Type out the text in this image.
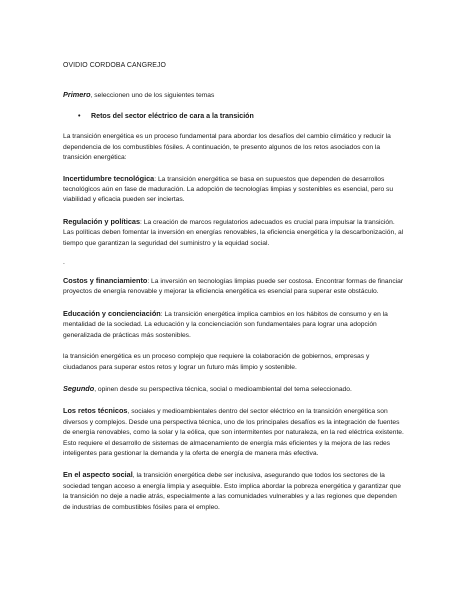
OVIDIO CORDOBA CANGREJO

Primero, seleccionen uno de los siguientes temas

• Retos del sector eléctrico de cara a la transición

La transición energética es un proceso fundamental para abordar los desafíos del cambio climático y reducir la dependencia de los combustibles fósiles. A continuación, te presento algunos de los retos asociados con la transición energética:

Incertidumbre tecnológica: La transición energética se basa en supuestos que dependen de desarrollos tecnológicos aún en fase de maduración. La adopción de tecnologías limpias y sostenibles es esencial, pero su viabilidad y eficacia pueden ser inciertas.

Regulación y políticas: La creación de marcos regulatorios adecuados es crucial para impulsar la transición. Las políticas deben fomentar la inversión en energías renovables, la eficiencia energética y la descarbonización, al tiempo que garantizan la seguridad del suministro y la equidad social.

.

Costos y financiamiento: La inversión en tecnologías limpias puede ser costosa. Encontrar formas de financiar proyectos de energía renovable y mejorar la eficiencia energética es esencial para superar este obstáculo.

Educación y concienciación: La transición energética implica cambios en los hábitos de consumo y en la mentalidad de la sociedad. La educación y la concienciación son fundamentales para lograr una adopción generalizada de prácticas más sostenibles.

la transición energética es un proceso complejo que requiere la colaboración de gobiernos, empresas y ciudadanos para superar estos retos y lograr un futuro más limpio y sostenible.

Segundo, opinen desde su perspectiva técnica, social o medioambiental del tema seleccionado.

Los retos técnicos, sociales y medioambientales dentro del sector eléctrico en la transición energética son diversos y complejos. Desde una perspectiva técnica, uno de los principales desafíos es la integración de fuentes de energía renovables, como la solar y la eólica, que son intermitentes por naturaleza, en la red eléctrica existente. Esto requiere el desarrollo de sistemas de almacenamiento de energía más eficientes y la mejora de las redes inteligentes para gestionar la demanda y la oferta de energía de manera más efectiva.

En el aspecto social, la transición energética debe ser inclusiva, asegurando que todos los sectores de la sociedad tengan acceso a energía limpia y asequible. Esto implica abordar la pobreza energética y garantizar que la transición no deje a nadie atrás, especialmente a las comunidades vulnerables y a las regiones que dependen de industrias de combustibles fósiles para el empleo.
